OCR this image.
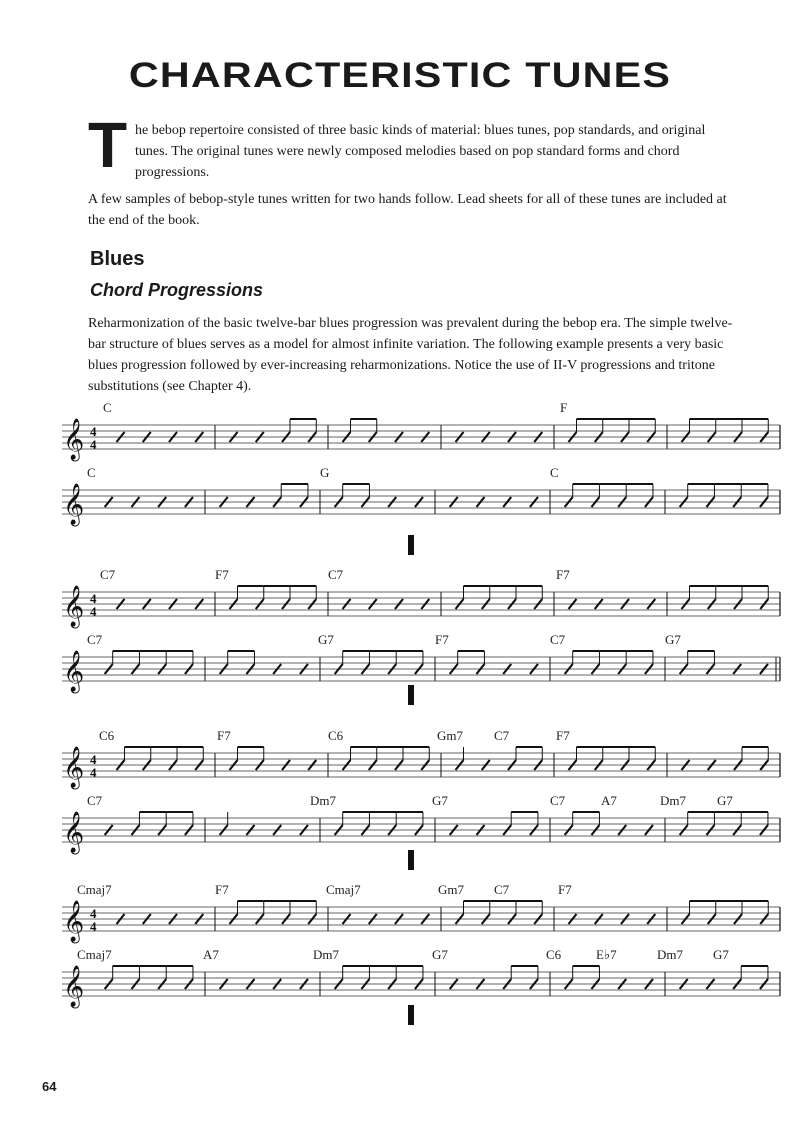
CHARACTERISTIC TUNES
T he bebop repertoire consisted of three basic kinds of material: blues tunes, pop standards, and original tunes. The original tunes were newly composed melodies based on pop standard forms and chord progressions.

A few samples of bebop-style tunes written for two hands follow. Lead sheets for all of these tunes are included at the end of the book.

Blues
Chord Progressions

Reharmonization of the basic twelve-bar blues progression was prevalent during the bebop era. The simple twelve-bar structure of blues serves as a model for almost infinite variation. The following example presents a very basic blues progression followed by ever-increasing reharmonizations. Notice the use of II-V progressions and tritone substitutions (see Chapter 4).

𝄞 4
4
C	F
𝄞
C	G	C
𝄞 4
4
C7	F7	C7	F7
𝄞
C7	G7	F7	C7	G7
𝄞 4
4
C6	F7	C6	Gm7 C7	F7
𝄞
C7	Dm7	G7	C7	A7	Dm7 G7
𝄞 4
4
Cmaj7	F7	Cmaj7	Gm7 C7	F7
𝄞
Cmaj7	A7	Dm7	G7	C6	E♭7	Dm7 G7
64
